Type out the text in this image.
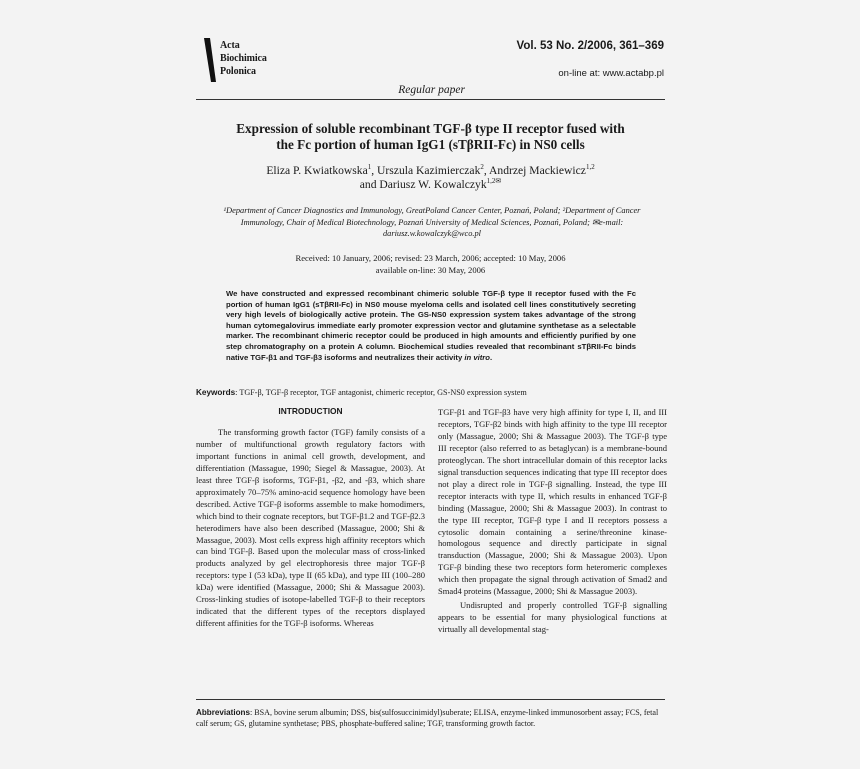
Acta
Biochimica
Polonica
Vol. 53 No. 2/2006, 361–369
on-line at: www.actabp.pl
Regular paper
Expression of soluble recombinant TGF-β type II receptor fused with
the Fc portion of human IgG1 (sTβRII-Fc) in NS0 cells
Eliza P. Kwiatkowska$^1$, Urszula Kazimierczak$^2$, Andrzej Mackiewicz$^{1,2}$
and Dariusz W. Kowalczyk$^{1,2✉}$
¹Department of Cancer Diagnostics and Immunology, GreatPoland Cancer Center, Poznań, Poland; ²Department of Cancer Immunology, Chair of Medical Biotechnology, Poznań University of Medical Sciences, Poznań, Poland; ✉e-mail: dariusz.w.kowalczyk@wco.pl
Received: 10 January, 2006; revised: 23 March, 2006; accepted: 10 May, 2006
available on-line: 30 May, 2006
We have constructed and expressed recombinant chimeric soluble TGF-β type II receptor fused with the Fc portion of human IgG1 (sTβRII-Fc) in NS0 mouse myeloma cells and isolated cell lines constitutively secreting very high levels of biologically active protein. The GS-NS0 expression system takes advantage of the strong human cytomegalovirus immediate early promoter expression vector and glutamine synthetase as a selectable marker. The recombinant chimeric receptor could be produced in high amounts and efficiently purified by one step chromatography on a protein A column. Biochemical studies revealed that recombinant sTβRII-Fc binds native TGF-β1 and TGF-β3 isoforms and neutralizes their activity in vitro.
Keywords: TGF-β, TGF-β receptor, TGF antagonist, chimeric receptor, GS-NS0 expression system
INTRODUCTION

The transforming growth factor (TGF) family consists of a number of multifunctional growth regulatory factors with important functions in animal cell growth, development, and differentiation (Massague, 1990; Siegel & Massague, 2003). At least three TGF-β isoforms, TGF-β1, -β2, and -β3, which share approximately 70–75% amino-acid sequence homology have been described. Active TGF-β isoforms assemble to make homodimers, which bind to their cognate receptors, but TGF-β1.2 and TGF-β2.3 heterodimers have also been described (Massague, 2000; Shi & Massague, 2003). Most cells express high affinity receptors which can bind TGF-β. Based upon the molecular mass of cross-linked products analyzed by gel electrophoresis three major TGF-β receptors: type I (53 kDa), type II (65 kDa), and type III (100–280 kDa) were identified (Massague, 2000; Shi & Massague 2003). Cross-linking studies of isotope-labelled TGF-β to their receptors indicated that the different types of the receptors displayed different affinities for the TGF-β isoforms. Whereas

TGF-β1 and TGF-β3 have very high affinity for type I, II, and III receptors, TGF-β2 binds with high affinity to the type III receptor only (Massague, 2000; Shi & Massague 2003). The TGF-β type III receptor (also referred to as betaglycan) is a membrane-bound proteoglycan. The short intracellular domain of this receptor lacks signal transduction sequences indicating that type III receptor does not play a direct role in TGF-β signalling. Instead, the type III receptor interacts with type II, which results in enhanced TGF-β binding (Massague, 2000; Shi & Massague 2003). In contrast to the type III receptor, TGF-β type I and II receptors possess a cytosolic domain containing a serine/threonine kinase-homologous sequence and directly participate in signal transduction (Massague, 2000; Shi & Massague 2003). Upon TGF-β binding these two receptors form heteromeric complexes which then propagate the signal through activation of Smad2 and Smad4 proteins (Massague, 2000; Shi & Massague 2003).

Undisrupted and properly controlled TGF-β signalling appears to be essential for many physiological functions at virtually all developmental stag-

Abbreviations: BSA, bovine serum albumin; DSS, bis(sulfosuccinimidyl)suberate; ELISA, enzyme-linked immunosorbent assay; FCS, fetal calf serum; GS, glutamine synthetase; PBS, phosphate-buffered saline; TGF, transforming growth factor.
